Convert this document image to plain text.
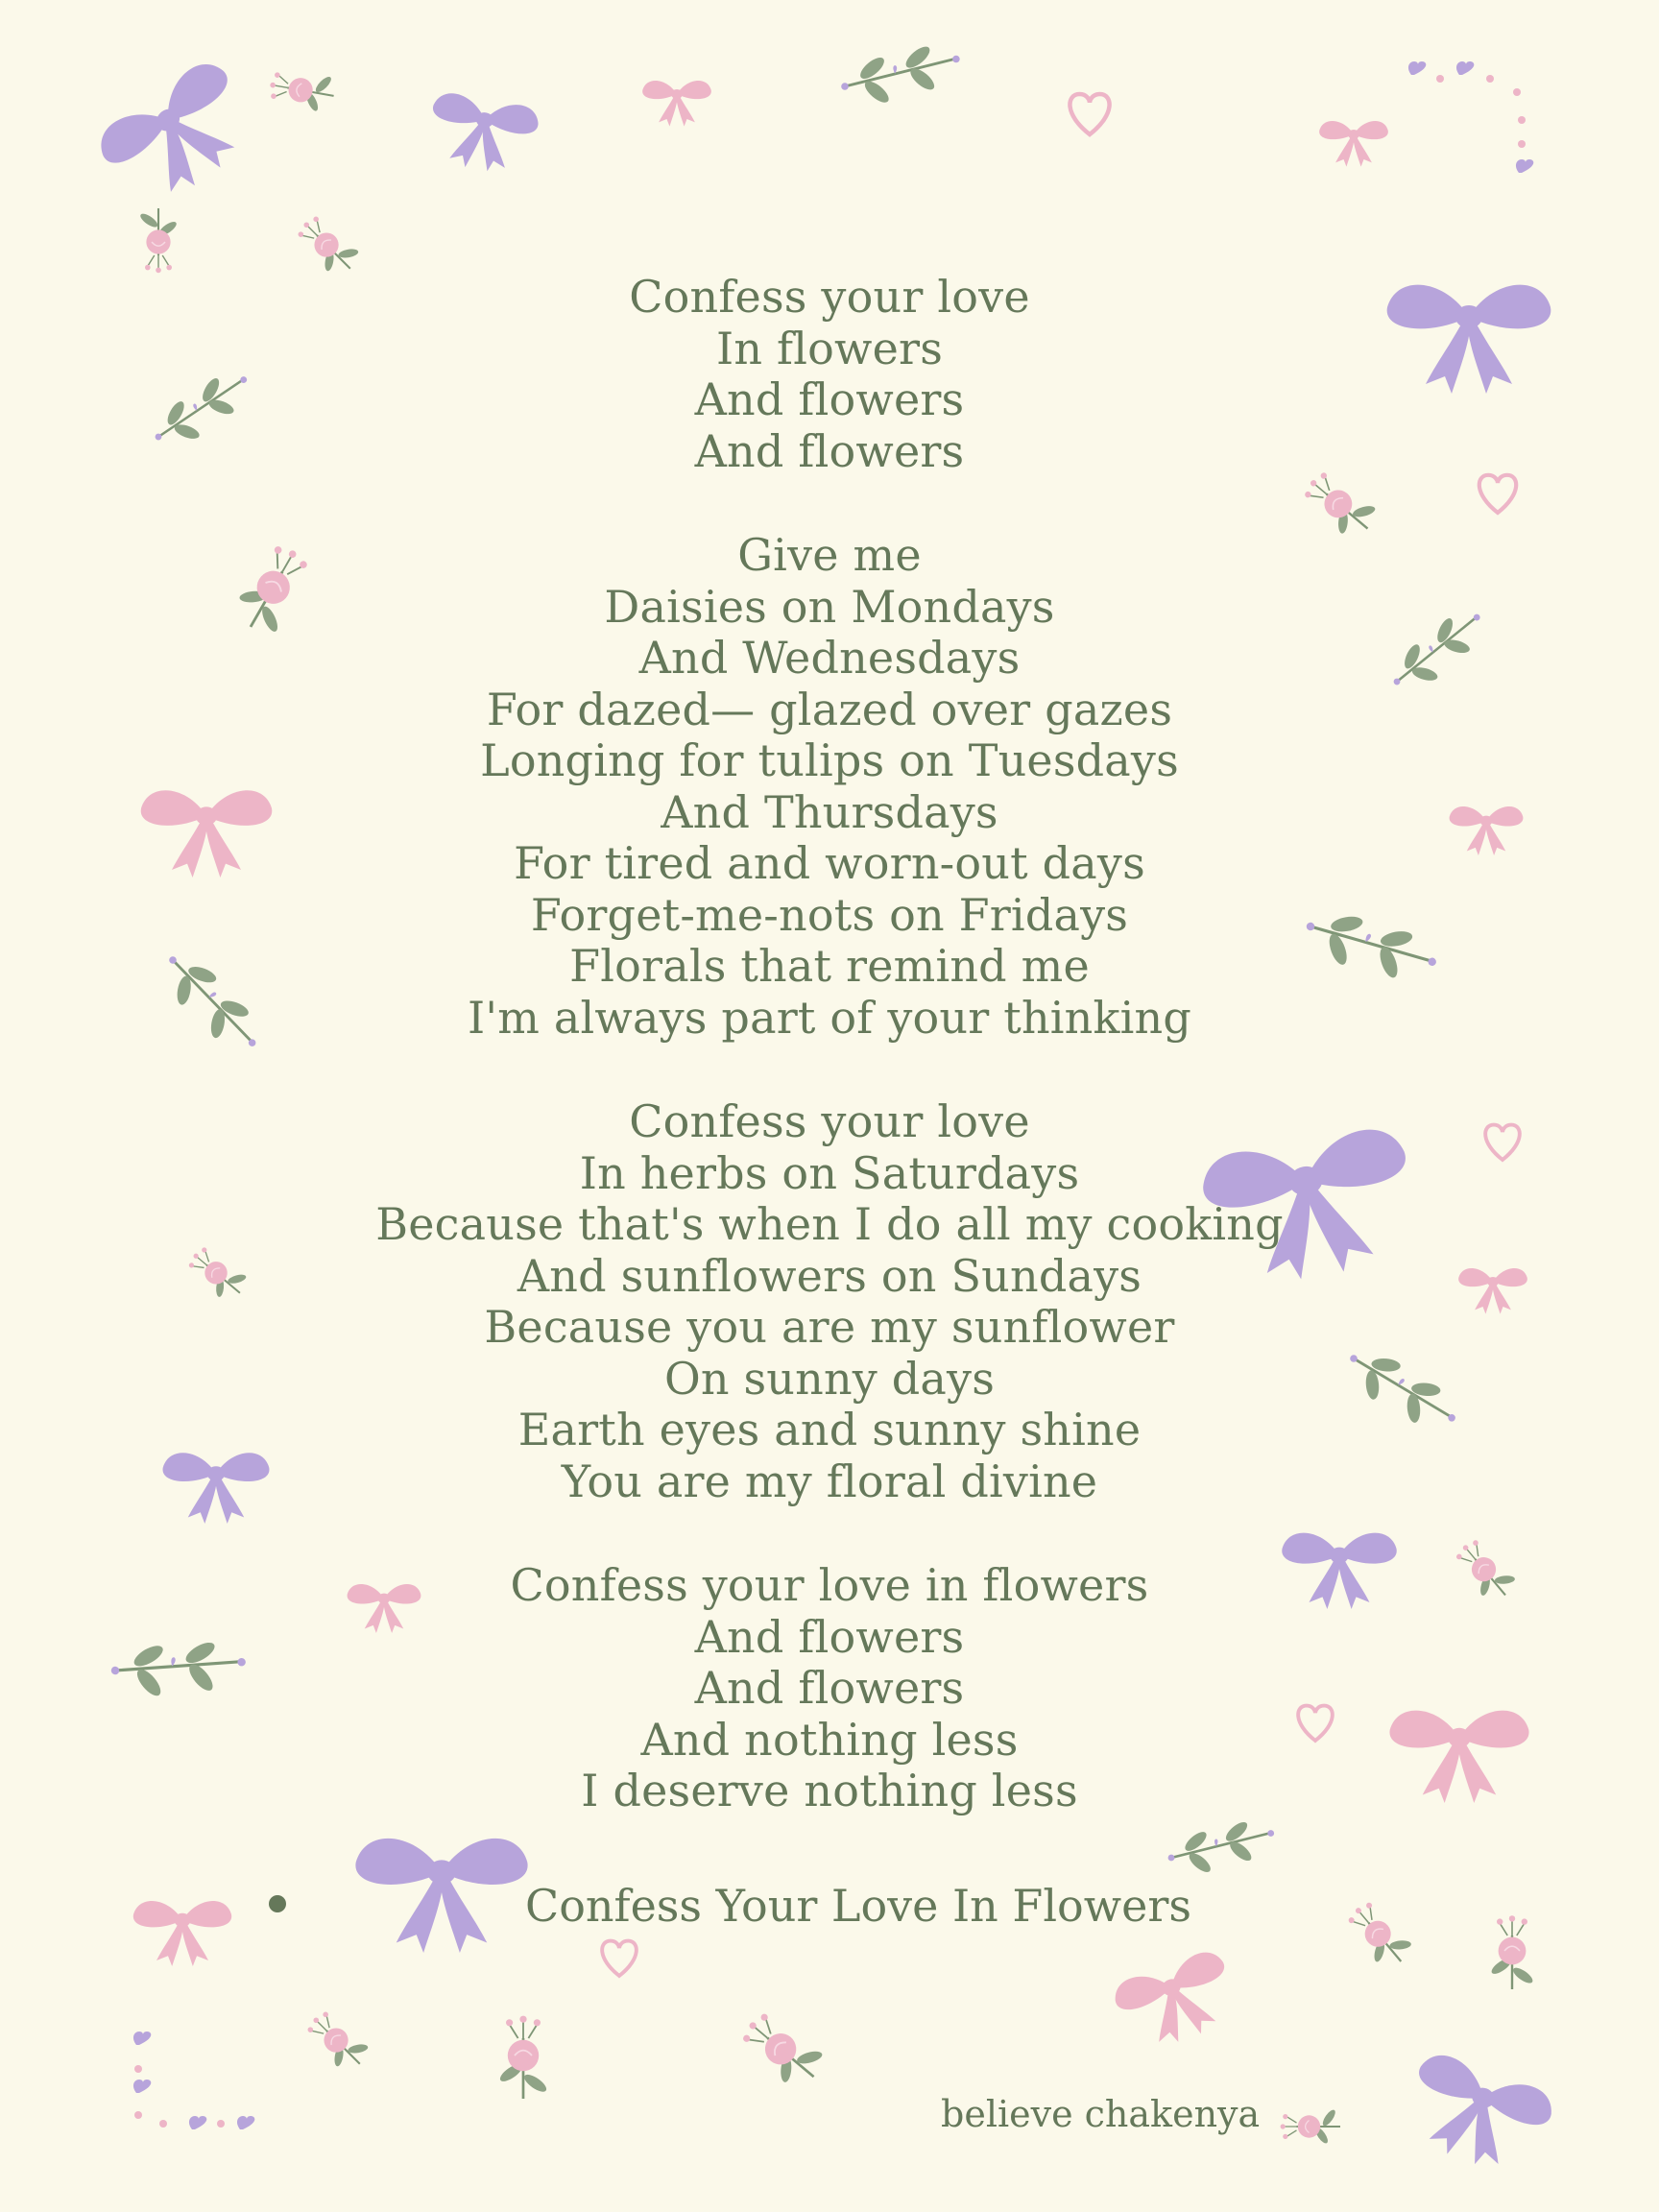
Confess your love
In flowers
And flowers
And flowers
Give me
Daisies on Mondays
And Wednesdays
For dazed— glazed over gazes
Longing for tulips on Tuesdays
And Thursdays
For tired and worn-out days
Forget-me-nots on Fridays
Florals that remind me
I'm always part of your thinking
Confess your love
In herbs on Saturdays
Because that's when I do all my cooking
And sunflowers on Sundays
Because you are my sunflower
On sunny days
Earth eyes and sunny shine
You are my floral divine
Confess your love in flowers
And flowers
And flowers
And nothing less
I deserve nothing less
Confess Your Love In Flowers
believe chakenya
